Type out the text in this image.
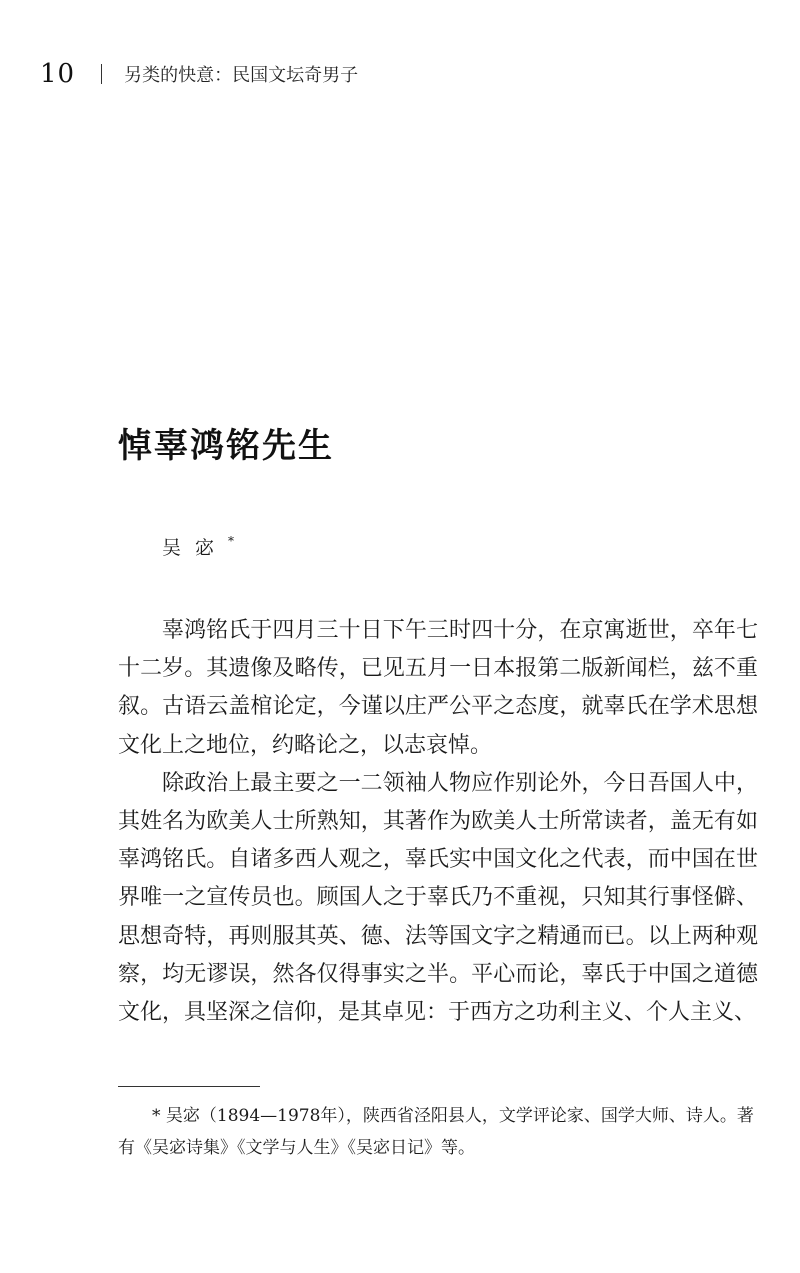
10	另类的快意：民国文坛奇男子
悼辜鸿铭先生
吴宓*

辜鸿铭氏于四月三十日下午三时四十分，在京寓逝世，卒年七十二岁。其遗像及略传，已见五月一日本报第二版新闻栏，兹不重叙。古语云盖棺论定，今谨以庄严公平之态度，就辜氏在学术思想文化上之地位，约略论之，以志哀悼。

除政治上最主要之一二领袖人物应作别论外，今日吾国人中，其姓名为欧美人士所熟知，其著作为欧美人士所常读者，盖无有如辜鸿铭氏。自诸多西人观之，辜氏实中国文化之代表，而中国在世界唯一之宣传员也。顾国人之于辜氏乃不重视，只知其行事怪僻、思想奇特，再则服其英、德、法等国文字之精通而已。以上两种观察，均无谬误，然各仅得事实之半。平心而论，辜氏于中国之道德文化，具坚深之信仰，是其卓见：于西方之功利主义、个人主义、

* 吴宓（1894—1978年），陕西省泾阳县人，文学评论家、国学大师、诗人。著有《吴宓诗集》《文学与人生》《吴宓日记》等。
